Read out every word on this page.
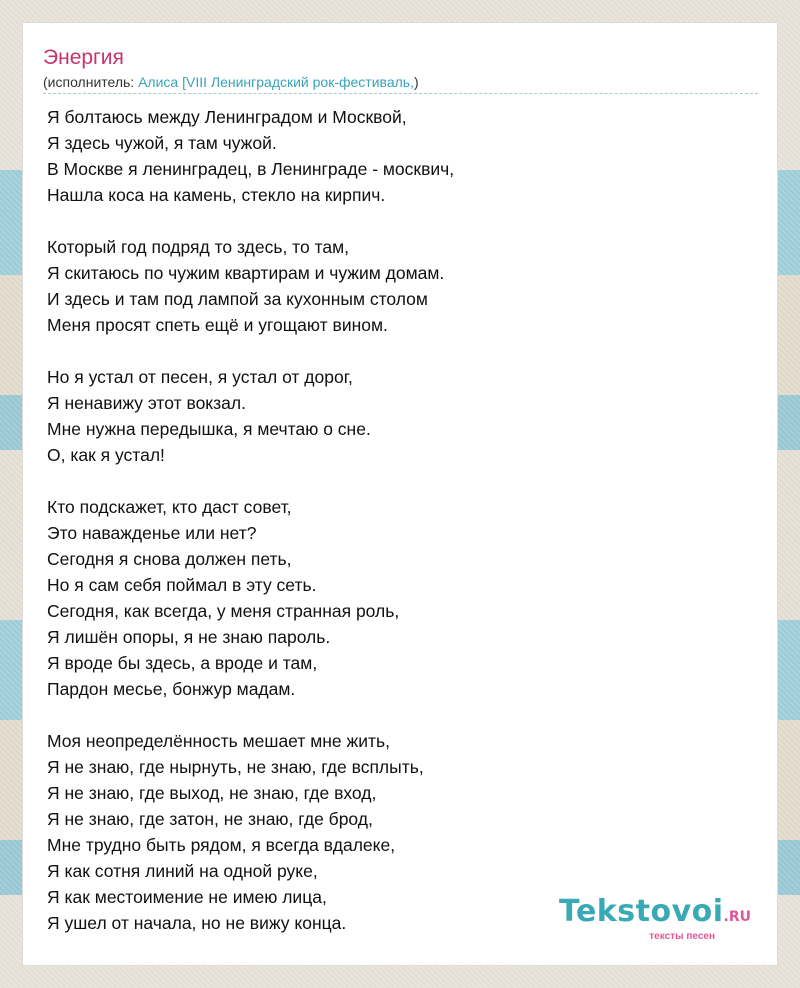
Энергия
(исполнитель: Алиса [VIII Ленинградский рок-фестиваль,)
Я болтаюсь между Ленинградом и Москвой,
Я здесь чужой, я там чужой.
В Москве я ленинградец, в Ленинграде - москвич,
Нашла коса на камень, стекло на кирпич.
Который год подряд то здесь, то там,
Я скитаюсь по чужим квартирам и чужим домам.
И здесь и там под лампой за кухонным столом
Меня просят спеть ещё и угощают вином.
Но я устал от песен, я устал от дорог,
Я ненавижу этот вокзал.
Мне нужна передышка, я мечтаю о сне.
О, как я устал!
Кто подскажет, кто даст совет,
Это наважденье или нет?
Сегодня я снова должен петь,
Но я сам себя поймал в эту сеть.
Сегодня, как всегда, у меня странная роль,
Я лишён опоры, я не знаю пароль.
Я вроде бы здесь, а вроде и там,
Пардон месье, бонжур мадам.
Моя неопределённость мешает мне жить,
Я не знаю, где нырнуть, не знаю, где всплыть,
Я не знаю, где выход, не знаю, где вход,
Я не знаю, где затон, не знаю, где брод,
Мне трудно быть рядом, я всегда вдалеке,
Я как сотня линий на одной руке,
Я как местоимение не имею лица,
Я ушел от начала, но не вижу конца.	Tekstovoi.RU
тексты песен
